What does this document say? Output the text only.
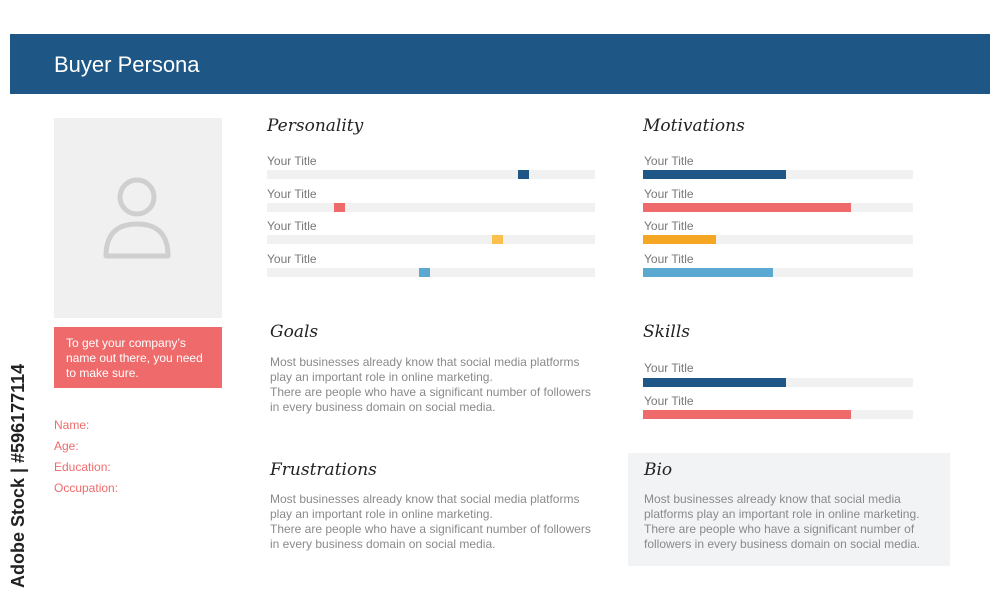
Buyer Persona
To get your company’s name out there, you need to make sure.
Name:
Age:
Education:
Occupation:
Personality
Your Title
Your Title
Your Title
Your Title
Motivations
Your Title
Your Title
Your Title
Your Title
Goals
Most businesses already know that social media platforms
play an important role in online marketing.
There are people who have a significant number of followers
in every business domain on social media.
Skills
Your Title
Your Title
Frustrations
Most businesses already know that social media platforms
play an important role in online marketing.
There are people who have a significant number of followers
in every business domain on social media.
Bio
Most businesses already know that social media
platforms play an important role in online marketing.
There are people who have a significant number of
followers in every business domain on social media.
Adobe Stock | #596177114
